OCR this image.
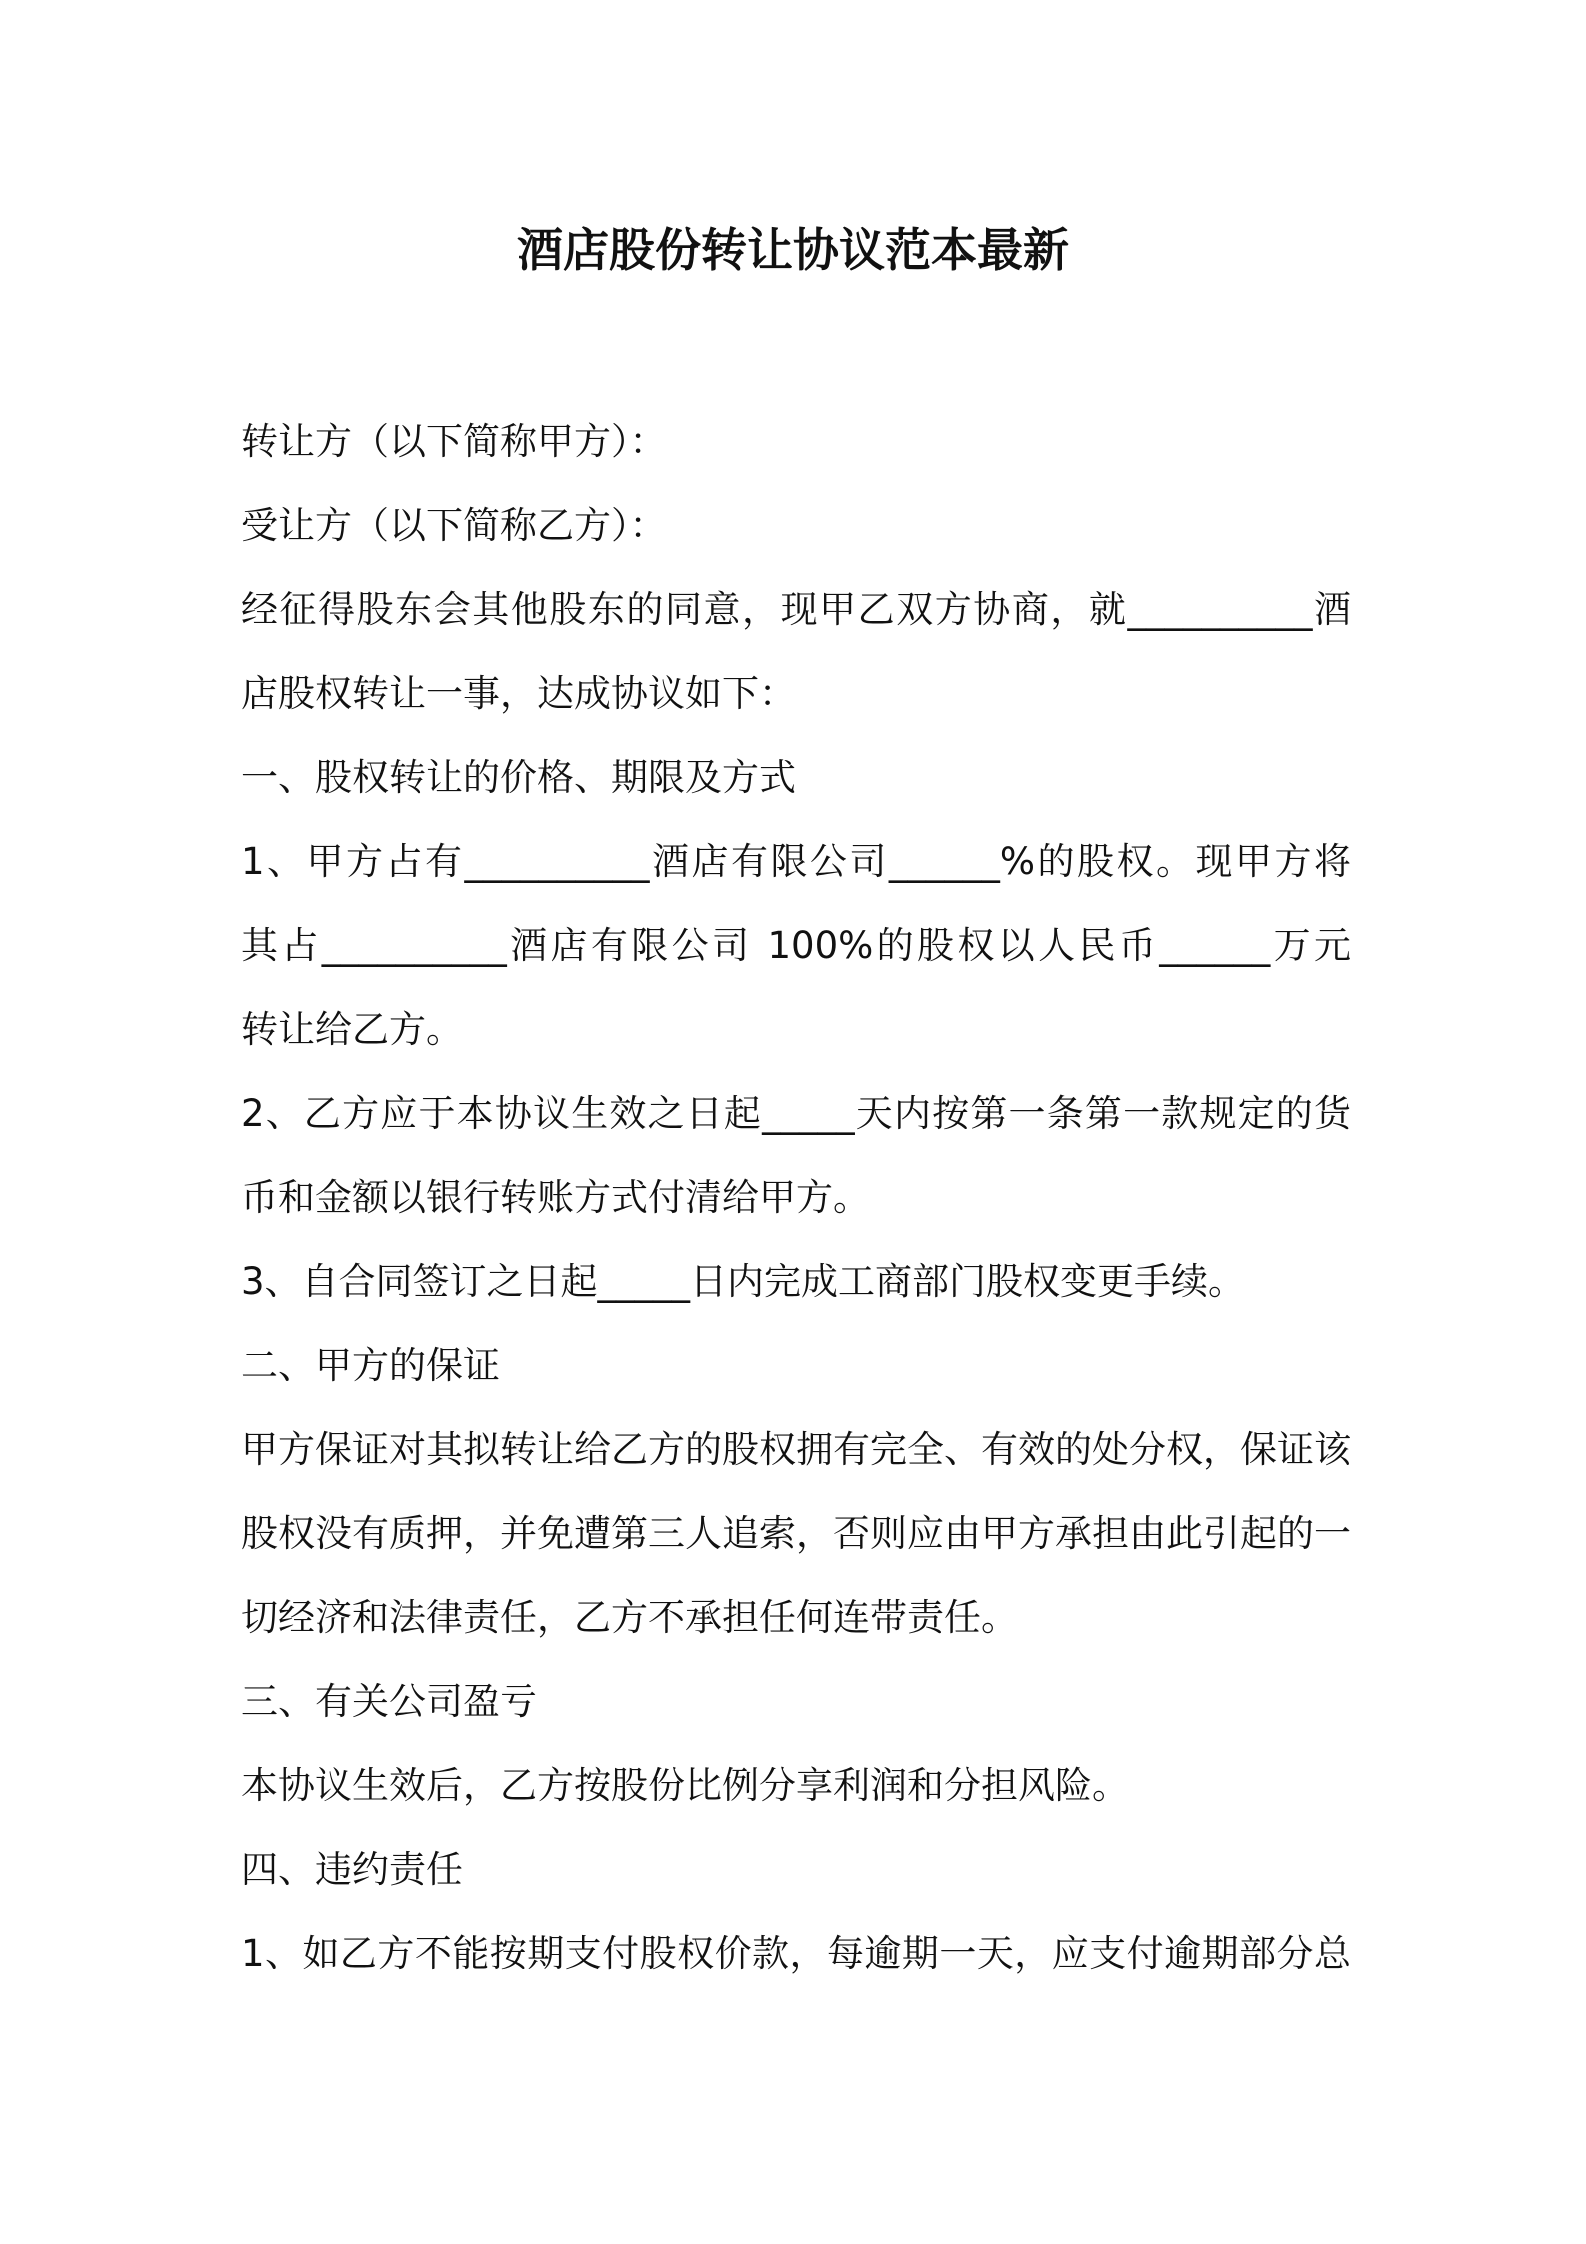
酒店股份转让协议范本最新
转让方（以下简称甲方）：
受让方（以下简称乙方）：
经征得股东会其他股东的同意，现甲乙双方协商，就__________酒
店股权转让一事，达成协议如下：
一、股权转让的价格、期限及方式
1、甲方占有__________酒店有限公司______%的股权。现甲方将
其占__________酒店有限公司 100%的股权以人民币______万元
转让给乙方。
2、乙方应于本协议生效之日起_____天内按第一条第一款规定的货
币和金额以银行转账方式付清给甲方。
3、自合同签订之日起_____日内完成工商部门股权变更手续。
二、甲方的保证
甲方保证对其拟转让给乙方的股权拥有完全、有效的处分权，保证该
股权没有质押，并免遭第三人追索，否则应由甲方承担由此引起的一
切经济和法律责任，乙方不承担任何连带责任。
三、有关公司盈亏
本协议生效后，乙方按股份比例分享利润和分担风险。
四、违约责任
1、如乙方不能按期支付股权价款，每逾期一天，应支付逾期部分总
